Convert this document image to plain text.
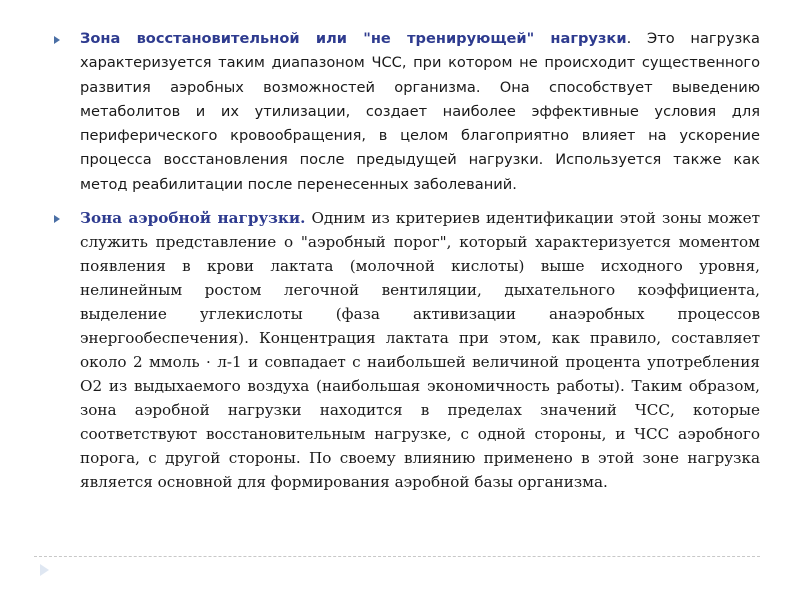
Зона восстановительной или "не тренирующей" нагрузки. Это нагрузка характеризуется таким диапазоном ЧСС, при котором не происходит существенного развития аэробных возможностей организма. Она способствует выведению метаболитов и их утилизации, создает наиболее эффективные условия для периферического кровообращения, в целом благоприятно влияет на ускорение процесса восстановления после предыдущей нагрузки. Используется также как метод реабилитации после перенесенных заболеваний.

Зона аэробной нагрузки. Одним из критериев идентификации этой зоны может служить представление о "аэробный порог", который характеризуется моментом появления в крови лактата (молочной кислоты) выше исходного уровня, нелинейным ростом легочной вентиляции, дыхательного коэффициента, выделение углекислоты (фаза активизации анаэробных процессов энергообеспечения). Концентрация лактата при этом, как правило, составляет около 2 ммоль · л-1 и совпадает с наибольшей величиной процента употребления О2 из выдыхаемого воздуха (наибольшая экономичность работы). Таким образом, зона аэробной нагрузки находится в пределах значений ЧСС, которые соответствуют восстановительным нагрузке, с одной стороны, и ЧСС аэробного порога, с другой стороны. По своему влиянию применено в этой зоне нагрузка является основной для формирования аэробной базы организма.
